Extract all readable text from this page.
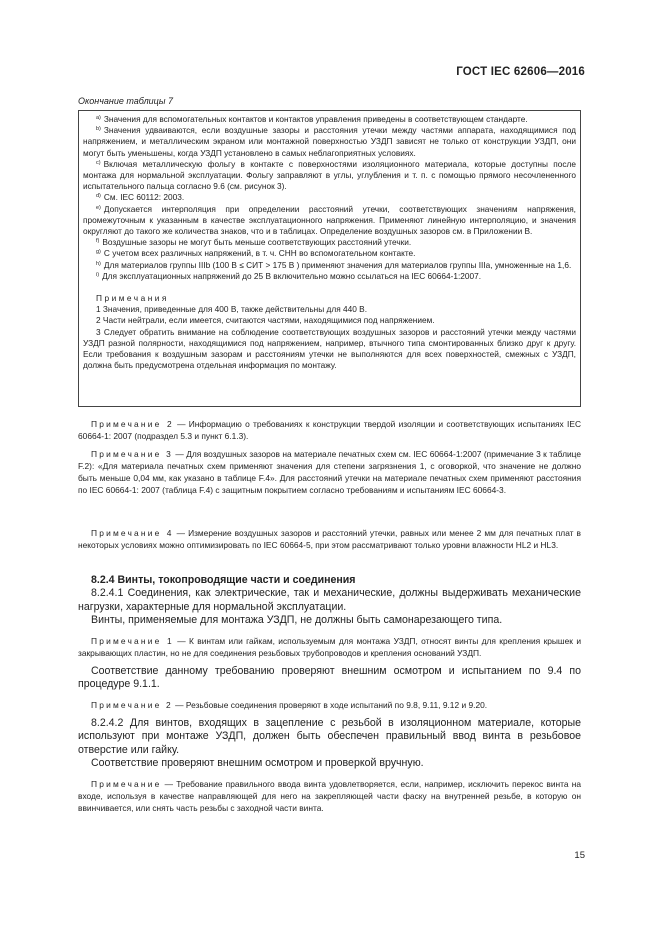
ГОСТ IEC 62606—2016
Окончание таблицы 7

$^{а)}$ Значения для вспомогательных контактов и контактов управления приведены в соответствующем стандарте.

$^{b)}$ Значения удваиваются, если воздушные зазоры и расстояния утечки между частями аппарата, находящимися под напряжением, и металлическим экраном или монтажной поверхностью УЗДП зависят не только от конструкции УЗДП, они могут быть уменьшены, когда УЗДП установлено в самых неблагоприятных условиях.

$^{с)}$ Включая металлическую фольгу в контакте с поверхностями изоляционного материала, которые доступны после монтажа для нормальной эксплуатации. Фольгу заправляют в углы, углубления и т. п. с помощью прямого несочлененного испытательного пальца согласно 9.6 (см. рисунок 3).

$^{d)}$ См. IEC 60112: 2003.

$^{е)}$ Допускается интерполяция при определении расстояний утечки, соответствующих значениям напряжения, промежуточным к указанным в качестве эксплуатационного напряжения. Применяют линейную интерполяцию, и значения округляют до такого же количества знаков, что и в таблицах. Определение воздушных зазоров см. в Приложении В.

$^{f)}$ Воздушные зазоры не могут быть меньше соответствующих расстояний утечки.

$^{g)}$ С учетом всех различных напряжений, в т. ч. СНН во вспомогательном контакте.

$^{h)}$ Для материалов группы IIIb (100 В ≤ СИТ > 175 В ) применяют значения для материалов группы IIIa, умноженные на 1,6.

$^{i)}$ Для эксплуатационных напряжений до 25 В включительно можно ссылаться на IEC 60664-1:2007.

Примечания

1 Значения, приведенные для 400 В, также действительны для 440 В.

2 Части нейтрали, если имеется, считаются частями, находящимися под напряжением.

3 Следует обратить внимание на соблюдение соответствующих воздушных зазоров и расстояний утечки между частями УЗДП разной полярности, находящимися под напряжением, например, втычного типа смонтированных близко друг к другу. Если требования к воздушным зазорам и расстояниям утечки не выполняются для всех поверхностей, смежных с УЗДП, должна быть предусмотрена отдельная информация по монтажу.

Примечание 2 — Информацию о требованиях к конструкции твердой изоляции и соответствующих испытаниях IEC 60664-1: 2007 (подраздел 5.3 и пункт 6.1.3).

Примечание 3 — Для воздушных зазоров на материале печатных схем см. IEC 60664-1:2007 (примечание 3 к таблице F.2): «Для материала печатных схем применяют значения для степени загрязнения 1, с оговоркой, что значение не должно быть меньше 0,04 мм, как указано в таблице F.4». Для расстояний утечки на материале печатных схем применяют расстояния по IEC 60664-1: 2007 (таблица F.4) с защитным покрытием согласно требованиям и испытаниям IEC 60664-3.

Примечание 4 — Измерение воздушных зазоров и расстояний утечки, равных или менее 2 мм для печатных плат в некоторых условиях можно оптимизировать по IEC 60664-5, при этом рассматривают только уровни влажности HL2 и HL3.

8.2.4 Винты, токопроводящие части и соединения

8.2.4.1 Соединения, как электрические, так и механические, должны выдерживать механические нагрузки, характерные для нормальной эксплуатации.

Винты, применяемые для монтажа УЗДП, не должны быть самонарезающего типа.

Примечание 1 — К винтам или гайкам, используемым для монтажа УЗДП, относят винты для крепления крышек и закрывающих пластин, но не для соединения резьбовых трубопроводов и крепления оснований УЗДП.

Соответствие данному требованию проверяют внешним осмотром и испытанием по 9.4 по процедуре 9.1.1.

Примечание 2 — Резьбовые соединения проверяют в ходе испытаний по 9.8, 9.11, 9.12 и 9.20.

8.2.4.2 Для винтов, входящих в зацепление с резьбой в изоляционном материале, которые используют при монтаже УЗДП, должен быть обеспечен правильный ввод винта в резьбовое отверстие или гайку.

Соответствие проверяют внешним осмотром и проверкой вручную.

Примечание — Требование правильного ввода винта удовлетворяется, если, например, исключить перекос винта на входе, используя в качестве направляющей для него на закрепляющей части фаску на внутренней резьбе, в которую он ввинчивается, или снять часть резьбы с заходной части винта.

15
